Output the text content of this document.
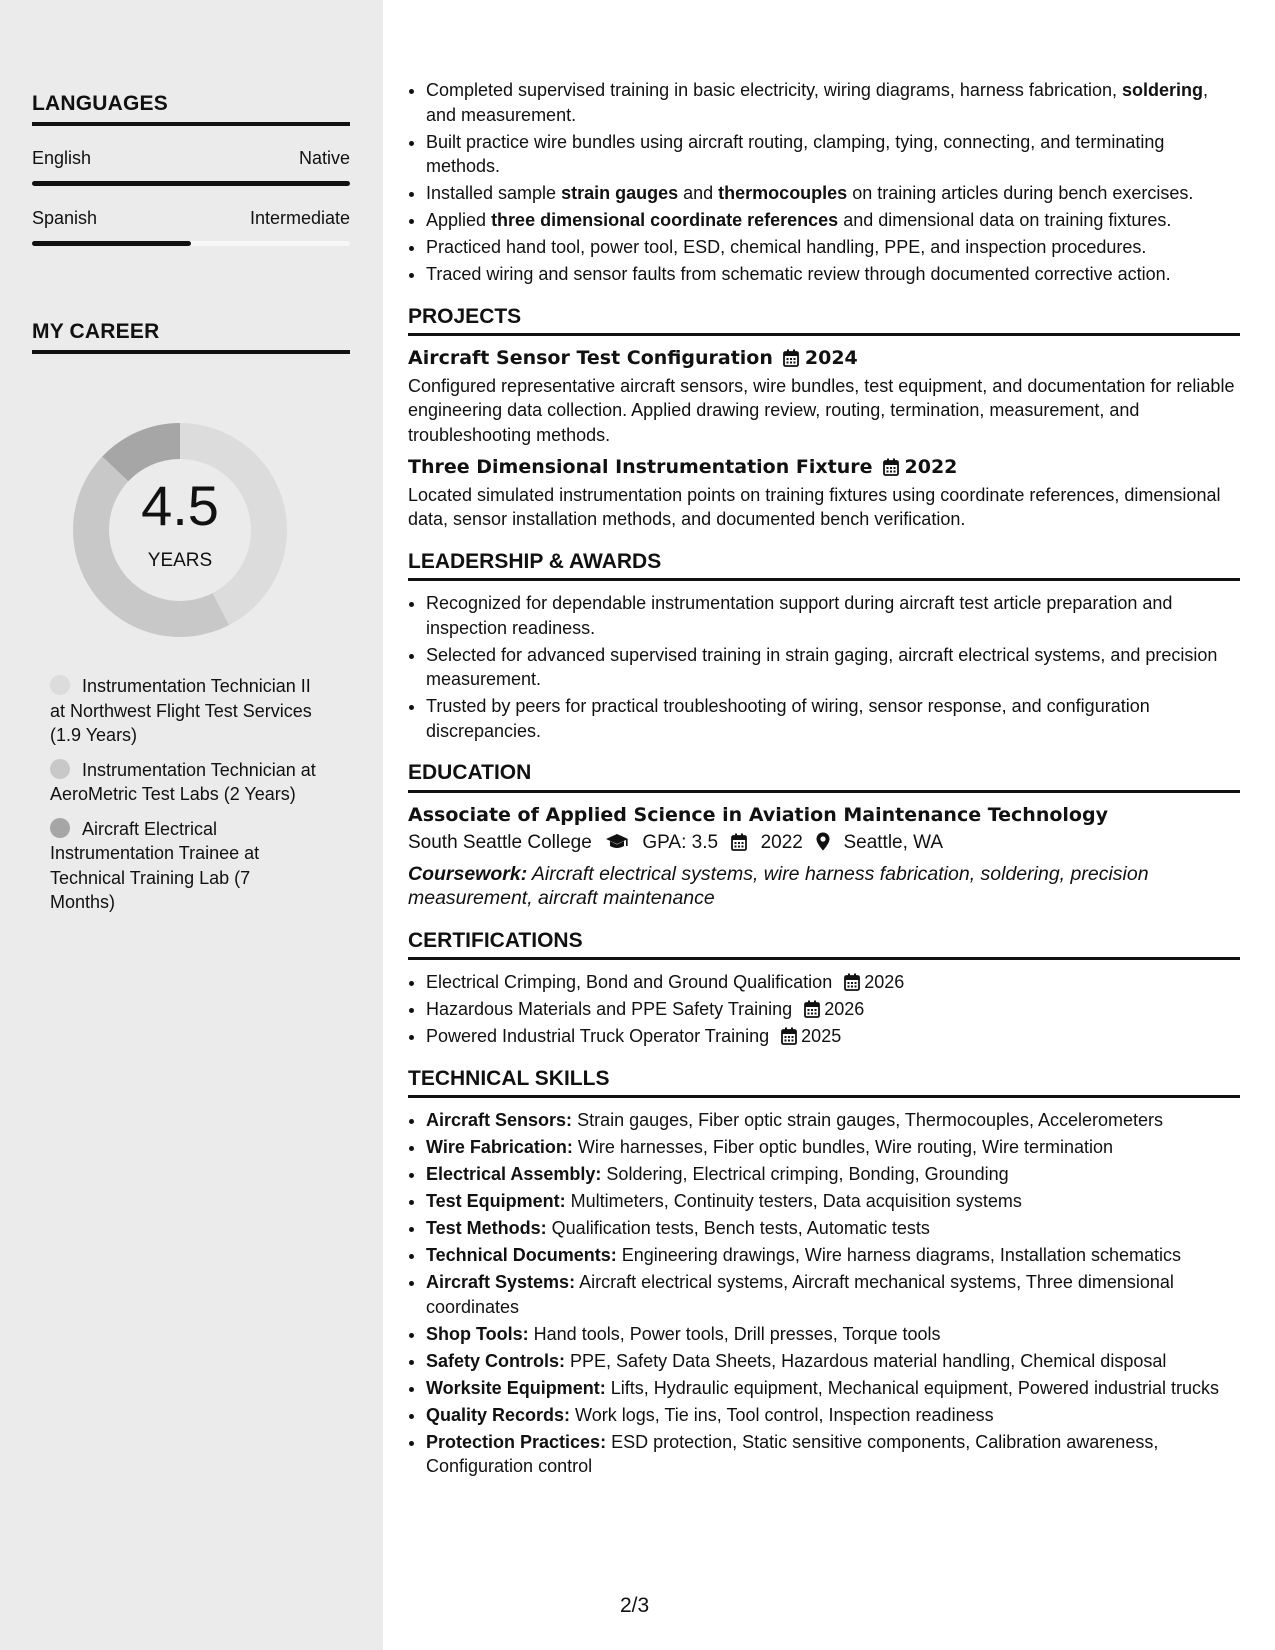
LANGUAGES
English	Native
Spanish	Intermediate
MY CAREER
4.5
YEARS
Instrumentation Technician II at Northwest Flight Test Services (1.9 Years)
Instrumentation Technician at AeroMetric Test Labs (2 Years)
Aircraft Electrical Instrumentation Trainee at Technical Training Lab (7 Months)
• Completed supervised training in basic electricity, wiring diagrams, harness fabrication, soldering, and measurement.
• Built practice wire bundles using aircraft routing, clamping, tying, connecting, and terminating methods.
• Installed sample strain gauges and thermocouples on training articles during bench exercises.
• Applied three dimensional coordinate references and dimensional data on training fixtures.
• Practiced hand tool, power tool, ESD, chemical handling, PPE, and inspection procedures.
• Traced wiring and sensor faults from schematic review through documented corrective action.
PROJECTS
Aircraft Sensor Test Configuration 2024
Configured representative aircraft sensors, wire bundles, test equipment, and documentation for reliable engineering data collection. Applied drawing review, routing, termination, measurement, and troubleshooting methods.
Three Dimensional Instrumentation Fixture 2022
Located simulated instrumentation points on training fixtures using coordinate references, dimensional data, sensor installation methods, and documented bench verification.
LEADERSHIP & AWARDS
• Recognized for dependable instrumentation support during aircraft test article preparation and inspection readiness.
• Selected for advanced supervised training in strain gaging, aircraft electrical systems, and precision measurement.
• Trusted by peers for practical troubleshooting of wiring, sensor response, and configuration discrepancies.
EDUCATION
Associate of Applied Science in Aviation Maintenance Technology
South Seattle College	GPA: 3.5 2022 Seattle, WA
Coursework: Aircraft electrical systems, wire harness fabrication, soldering, precision measurement, aircraft maintenance
CERTIFICATIONS
• Electrical Crimping, Bond and Ground Qualification 2026
• Hazardous Materials and PPE Safety Training 2026
• Powered Industrial Truck Operator Training 2025
TECHNICAL SKILLS
• Aircraft Sensors: Strain gauges, Fiber optic strain gauges, Thermocouples, Accelerometers
• Wire Fabrication: Wire harnesses, Fiber optic bundles, Wire routing, Wire termination
• Electrical Assembly: Soldering, Electrical crimping, Bonding, Grounding
• Test Equipment: Multimeters, Continuity testers, Data acquisition systems
• Test Methods: Qualification tests, Bench tests, Automatic tests
• Technical Documents: Engineering drawings, Wire harness diagrams, Installation schematics
• Aircraft Systems: Aircraft electrical systems, Aircraft mechanical systems, Three dimensional coordinates
• Shop Tools: Hand tools, Power tools, Drill presses, Torque tools
• Safety Controls: PPE, Safety Data Sheets, Hazardous material handling, Chemical disposal
• Worksite Equipment: Lifts, Hydraulic equipment, Mechanical equipment, Powered industrial trucks
• Quality Records: Work logs, Tie ins, Tool control, Inspection readiness
• Protection Practices: ESD protection, Static sensitive components, Calibration awareness, Configuration control
2/3
